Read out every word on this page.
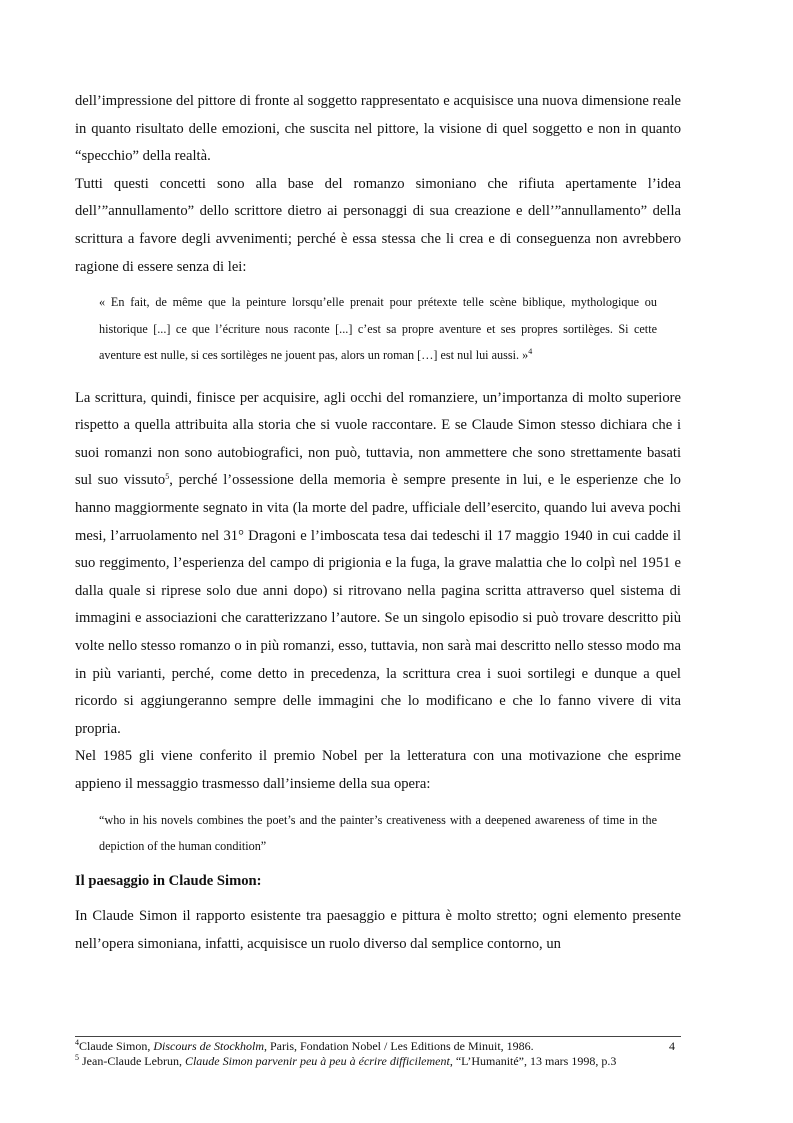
dell’impressione del pittore di fronte al soggetto rappresentato e acquisisce una nuova dimensione reale in quanto risultato delle emozioni, che suscita nel pittore, la visione di quel soggetto e non in quanto “specchio” della realtà.

Tutti questi concetti sono alla base del romanzo simoniano che rifiuta apertamente l’idea dell’”annullamento” dello scrittore dietro ai personaggi di sua creazione e dell’”annullamento” della scrittura a favore degli avvenimenti; perché è essa stessa che li crea e di conseguenza non avrebbero ragione di essere senza di lei:

« En fait, de même que la peinture lorsqu’elle prenait pour prétexte telle scène biblique, mythologique ou historique [...] ce que l’écriture nous raconte [...] c’est sa propre aventure et ses propres sortilèges. Si cette aventure est nulle, si ces sortilèges ne jouent pas, alors un roman […] est nul lui aussi. »$^4$

La scrittura, quindi, finisce per acquisire, agli occhi del romanziere, un’importanza di molto superiore rispetto a quella attribuita alla storia che si vuole raccontare. E se Claude Simon stesso dichiara che i suoi romanzi non sono autobiografici, non può, tuttavia, non ammettere che sono strettamente basati sul suo vissuto$^5$, perché l’ossessione della memoria è sempre presente in lui, e le esperienze che lo hanno maggiormente segnato in vita (la morte del padre, ufficiale dell’esercito, quando lui aveva pochi mesi, l’arruolamento nel 31° Dragoni e l’imboscata tesa dai tedeschi il 17 maggio 1940 in cui cadde il suo reggimento, l’esperienza del campo di prigionia e la fuga, la grave malattia che lo colpì nel 1951 e dalla quale si riprese solo due anni dopo) si ritrovano nella pagina scritta attraverso quel sistema di immagini e associazioni che caratterizzano l’autore. Se un singolo episodio si può trovare descritto più volte nello stesso romanzo o in più romanzi, esso, tuttavia, non sarà mai descritto nello stesso modo ma in più varianti, perché, come detto in precedenza, la scrittura crea i suoi sortilegi e dunque a quel ricordo si aggiungeranno sempre delle immagini che lo modificano e che lo fanno vivere di vita propria.

Nel 1985 gli viene conferito il premio Nobel per la letteratura con una motivazione che esprime appieno il messaggio trasmesso dall’insieme della sua opera:

“who in his novels combines the poet’s and the painter’s creativeness with a deepened awareness of time in the depiction of the human condition”

Il paesaggio in Claude Simon:

In Claude Simon il rapporto esistente tra paesaggio e pittura è molto stretto; ogni elemento presente nell’opera simoniana, infatti, acquisisce un ruolo diverso dal semplice contorno, un

$^4$Claude Simon, Discours de Stockholm, Paris, Fondation Nobel / Les Editions de Minuit, 1986.	4

$^5$ Jean-Claude Lebrun, Claude Simon parvenir peu à peu à écrire difficilement, “L’Humanité”, 13 mars 1998, p.3
